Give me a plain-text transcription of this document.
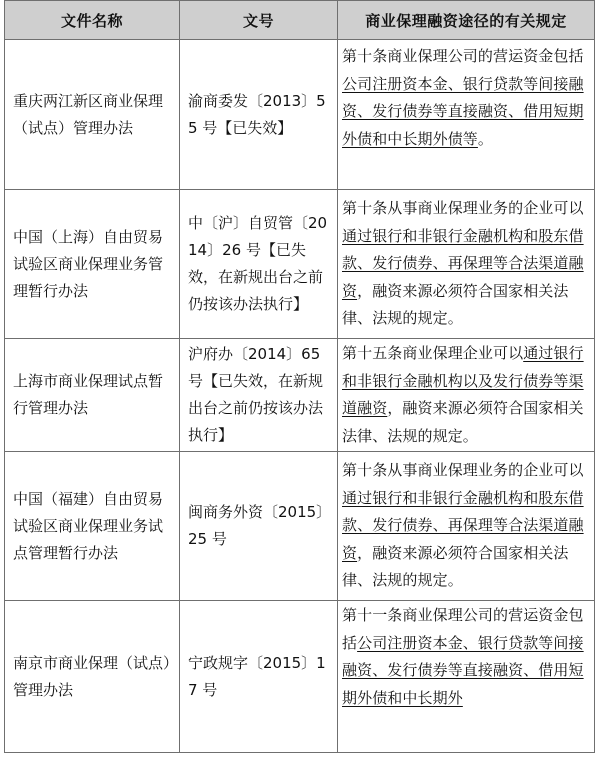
文件名称	文号	商业保理融资途径的有关规定
重庆两江新区商业保理（试点）管理办法	渝商委发〔2013〕55 号【已失效】	第十条商业保理公司的营运资金包括公司注册资本金、银行贷款等间接融资、发行债券等直接融资、借用短期外债和中长期外债等。
中国（上海）自由贸易试验区商业保理业务管理暂行办法	中〔沪〕自贸管〔2014〕26 号【已失效，在新规出台之前仍按该办法执行】	第十条从事商业保理业务的企业可以通过银行和非银行金融机构和股东借款、发行债券、再保理等合法渠道融资，融资来源必须符合国家相关法律、法规的规定。
上海市商业保理试点暂行管理办法	沪府办〔2014〕65 号【已失效，在新规出台之前仍按该办法执行】	第十五条商业保理企业可以通过银行和非银行金融机构以及发行债券等渠道融资，融资来源必须符合国家相关法律、法规的规定。
中国（福建）自由贸易试验区商业保理业务试点管理暂行办法	闽商务外资〔2015〕25 号	第十条从事商业保理业务的企业可以通过银行和非银行金融机构和股东借款、发行债券、再保理等合法渠道融资，融资来源必须符合国家相关法律、法规的规定。
南京市商业保理（试点）管理办法	宁政规字〔2015〕17 号	第十一条商业保理公司的营运资金包括公司注册资本金、银行贷款等间接融资、发行债券等直接融资、借用短期外债和中长期外
